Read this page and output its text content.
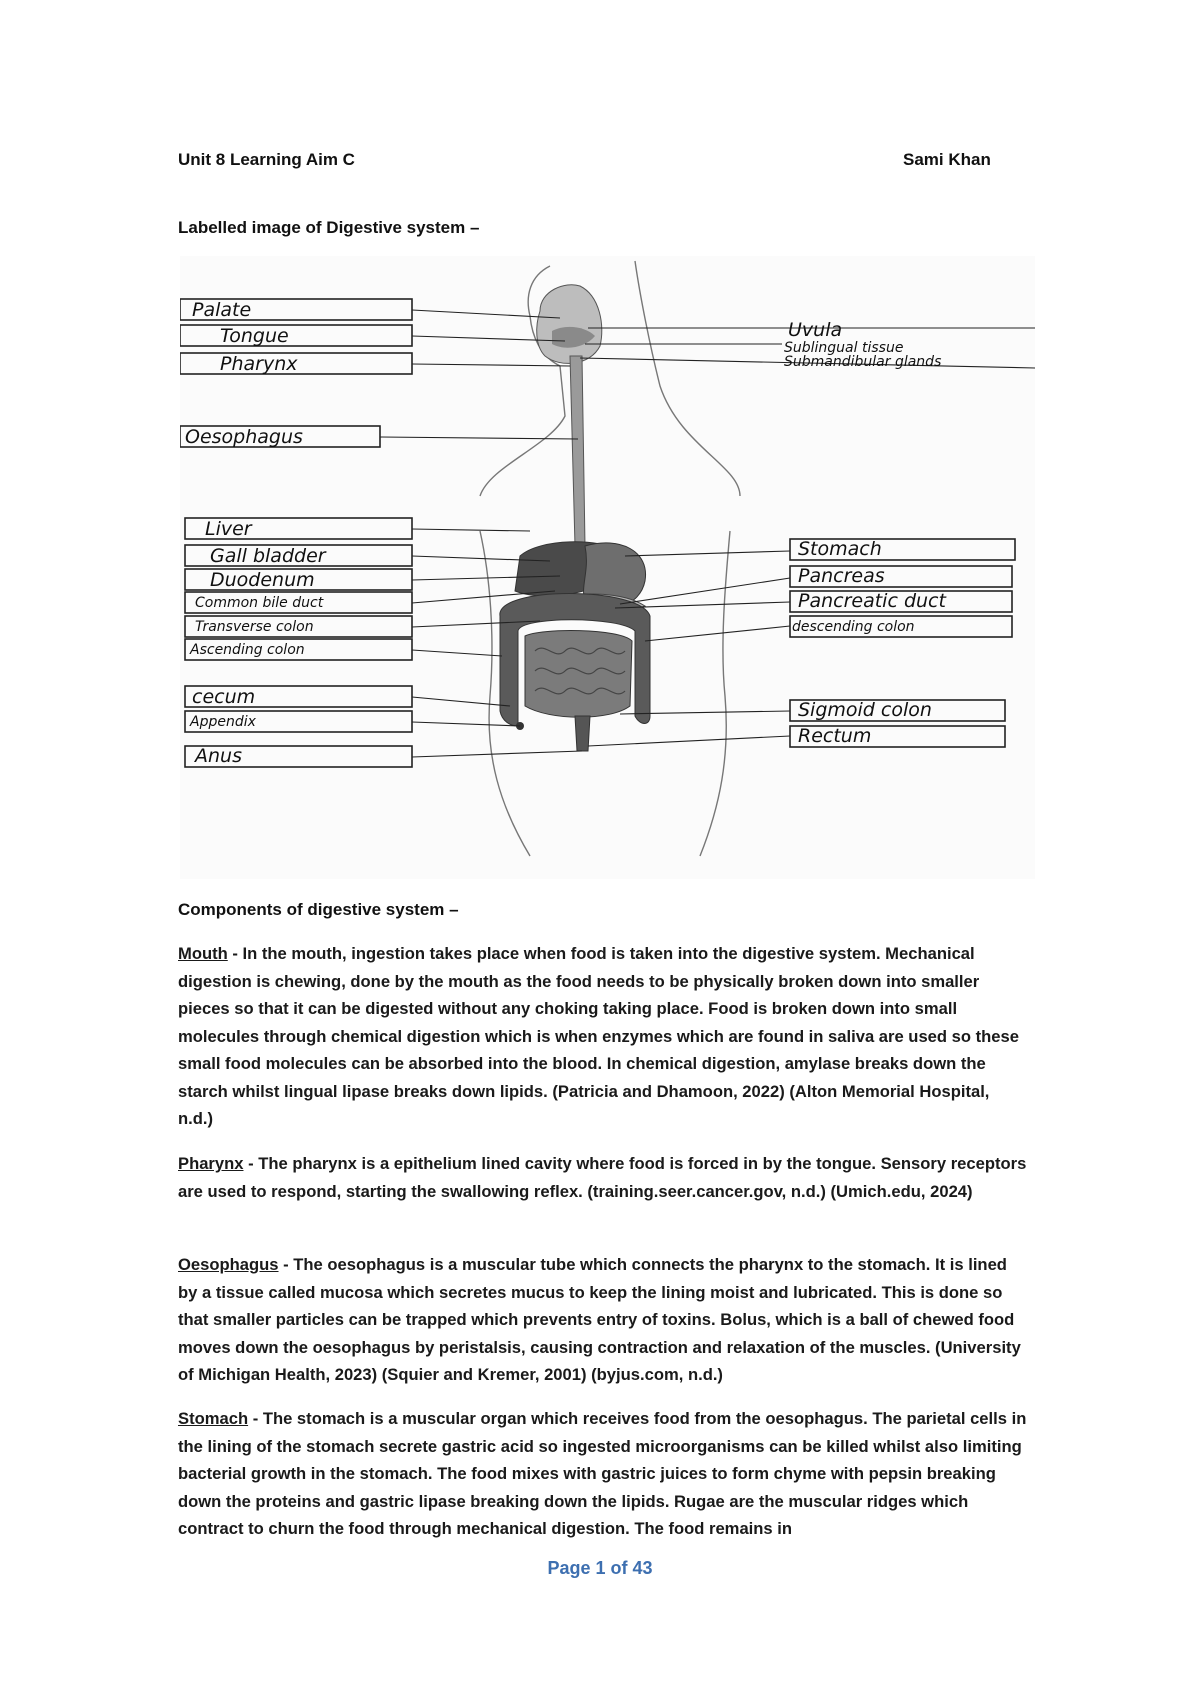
Unit 8 Learning Aim C	Sami Khan
Labelled image of Digestive system –
Palate
Tongue
Pharynx
Oesophagus
Liver
Gall bladder
Duodenum
Common bile duct
Transverse colon
Ascending colon
cecum
Appendix
Anus
Uvula
Sublingual tissue
Submandibular glands
Stomach
Pancreas
Pancreatic duct
descending colon
Sigmoid colon
Rectum
Components of digestive system –
Mouth - In the mouth, ingestion takes place when food is taken into the digestive system. Mechanical digestion is chewing, done by the mouth as the food needs to be physically broken down into smaller pieces so that it can be digested without any choking taking place. Food is broken down into small molecules through chemical digestion which is when enzymes which are found in saliva are used so these small food molecules can be absorbed into the blood. In chemical digestion, amylase breaks down the starch whilst lingual lipase breaks down lipids. (Patricia and Dhamoon, 2022) (Alton Memorial Hospital, n.d.)
Pharynx - The pharynx is a epithelium lined cavity where food is forced in by the tongue. Sensory receptors are used to respond, starting the swallowing reflex. (training.seer.cancer.gov, n.d.) (Umich.edu, 2024)
Oesophagus - The oesophagus is a muscular tube which connects the pharynx to the stomach. It is lined by a tissue called mucosa which secretes mucus to keep the lining moist and lubricated. This is done so that smaller particles can be trapped which prevents entry of toxins. Bolus, which is a ball of chewed food moves down the oesophagus by peristalsis, causing contraction and relaxation of the muscles. (University of Michigan Health, 2023) (Squier and Kremer, 2001) (byjus.com, n.d.)
Stomach - The stomach is a muscular organ which receives food from the oesophagus. The parietal cells in the lining of the stomach secrete gastric acid so ingested microorganisms can be killed whilst also limiting bacterial growth in the stomach. The food mixes with gastric juices to form chyme with pepsin breaking down the proteins and gastric lipase breaking down the lipids. Rugae are the muscular ridges which contract to churn the food through mechanical digestion. The food remains in
Page 1 of 43
